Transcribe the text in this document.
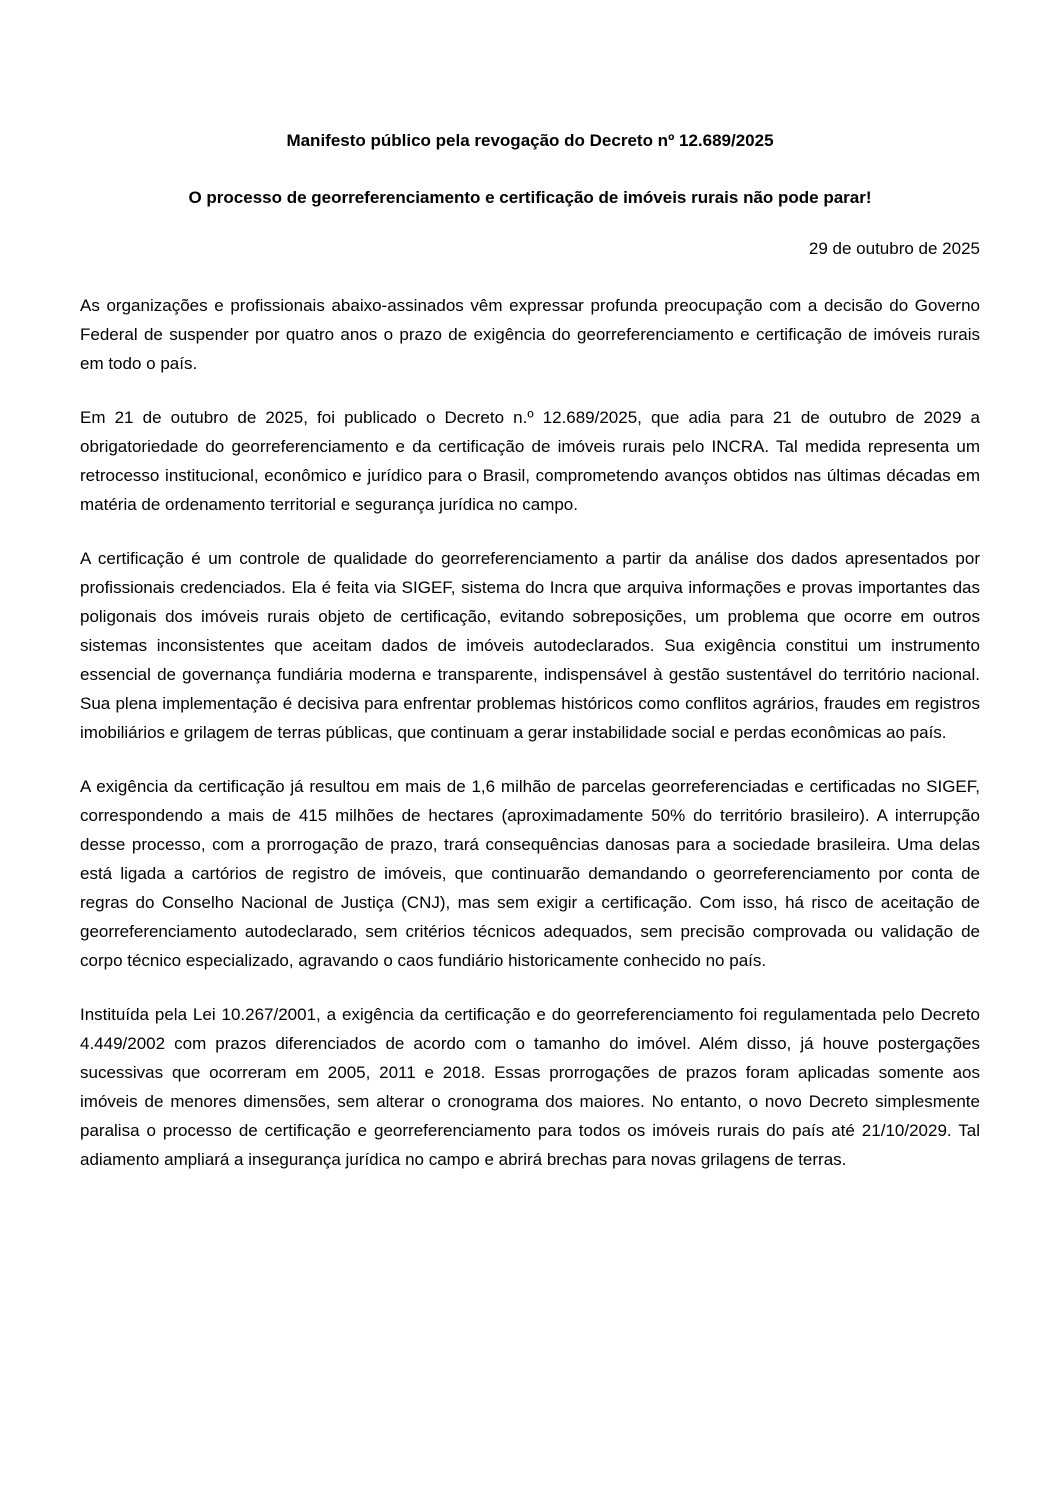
Manifesto público pela revogação do Decreto nº 12.689/2025
O processo de georreferenciamento e certificação de imóveis rurais não pode parar!
29 de outubro de 2025

As organizações e profissionais abaixo-assinados vêm expressar profunda preocupação com a decisão do Governo Federal de suspender por quatro anos o prazo de exigência do georreferenciamento e certificação de imóveis rurais em todo o país.

Em 21 de outubro de 2025, foi publicado o Decreto n.º 12.689/2025, que adia para 21 de outubro de 2029 a obrigatoriedade do georreferenciamento e da certificação de imóveis rurais pelo INCRA. Tal medida representa um retrocesso institucional, econômico e jurídico para o Brasil, comprometendo avanços obtidos nas últimas décadas em matéria de ordenamento territorial e segurança jurídica no campo.

A certificação é um controle de qualidade do georreferenciamento a partir da análise dos dados apresentados por profissionais credenciados. Ela é feita via SIGEF, sistema do Incra que arquiva informações e provas importantes das poligonais dos imóveis rurais objeto de certificação, evitando sobreposições, um problema que ocorre em outros sistemas inconsistentes que aceitam dados de imóveis autodeclarados. Sua exigência constitui um instrumento essencial de governança fundiária moderna e transparente, indispensável à gestão sustentável do território nacional. Sua plena implementação é decisiva para enfrentar problemas históricos como conflitos agrários, fraudes em registros imobiliários e grilagem de terras públicas, que continuam a gerar instabilidade social e perdas econômicas ao país.

A exigência da certificação já resultou em mais de 1,6 milhão de parcelas georreferenciadas e certificadas no SIGEF, correspondendo a mais de 415 milhões de hectares (aproximadamente 50% do território brasileiro). A interrupção desse processo, com a prorrogação de prazo, trará consequências danosas para a sociedade brasileira. Uma delas está ligada a cartórios de registro de imóveis, que continuarão demandando o georreferenciamento por conta de regras do Conselho Nacional de Justiça (CNJ), mas sem exigir a certificação. Com isso, há risco de aceitação de georreferenciamento autodeclarado, sem critérios técnicos adequados, sem precisão comprovada ou validação de corpo técnico especializado, agravando o caos fundiário historicamente conhecido no país.

Instituída pela Lei 10.267/2001, a exigência da certificação e do georreferenciamento foi regulamentada pelo Decreto 4.449/2002 com prazos diferenciados de acordo com o tamanho do imóvel. Além disso, já houve postergações sucessivas que ocorreram em 2005, 2011 e 2018. Essas prorrogações de prazos foram aplicadas somente aos imóveis de menores dimensões, sem alterar o cronograma dos maiores. No entanto, o novo Decreto simplesmente paralisa o processo de certificação e georreferenciamento para todos os imóveis rurais do país até 21/10/2029. Tal adiamento ampliará a insegurança jurídica no campo e abrirá brechas para novas grilagens de terras.
